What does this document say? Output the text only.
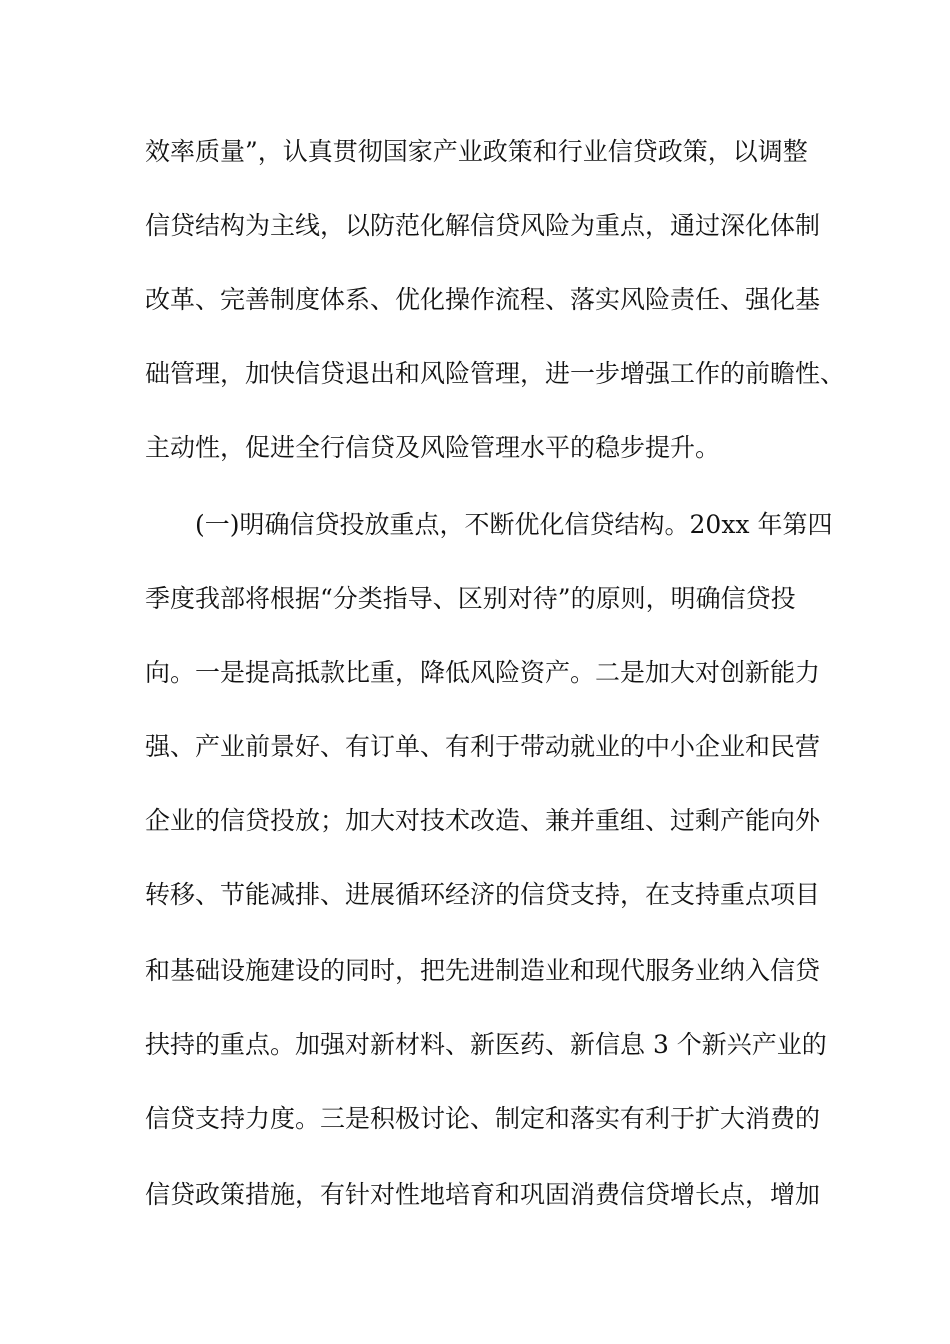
效率质量”，认真贯彻国家产业政策和行业信贷政策，以调整
信贷结构为主线，以防范化解信贷风险为重点，通过深化体制
改革、完善制度体系、优化操作流程、落实风险责任、强化基
础管理，加快信贷退出和风险管理，进一步增强工作的前瞻性、
主动性，促进全行信贷及风险管理水平的稳步提升。
(一)明确信贷投放重点，不断优化信贷结构。20xx 年第四
季度我部将根据“分类指导、区别对待”的原则，明确信贷投
向。一是提高抵款比重，降低风险资产。二是加大对创新能力
强、产业前景好、有订单、有利于带动就业的中小企业和民营
企业的信贷投放；加大对技术改造、兼并重组、过剩产能向外
转移、节能减排、进展循环经济的信贷支持，在支持重点项目
和基础设施建设的同时，把先进制造业和现代服务业纳入信贷
扶持的重点。加强对新材料、新医药、新信息 3 个新兴产业的
信贷支持力度。三是积极讨论、制定和落实有利于扩大消费的
信贷政策措施，有针对性地培育和巩固消费信贷增长点，增加
